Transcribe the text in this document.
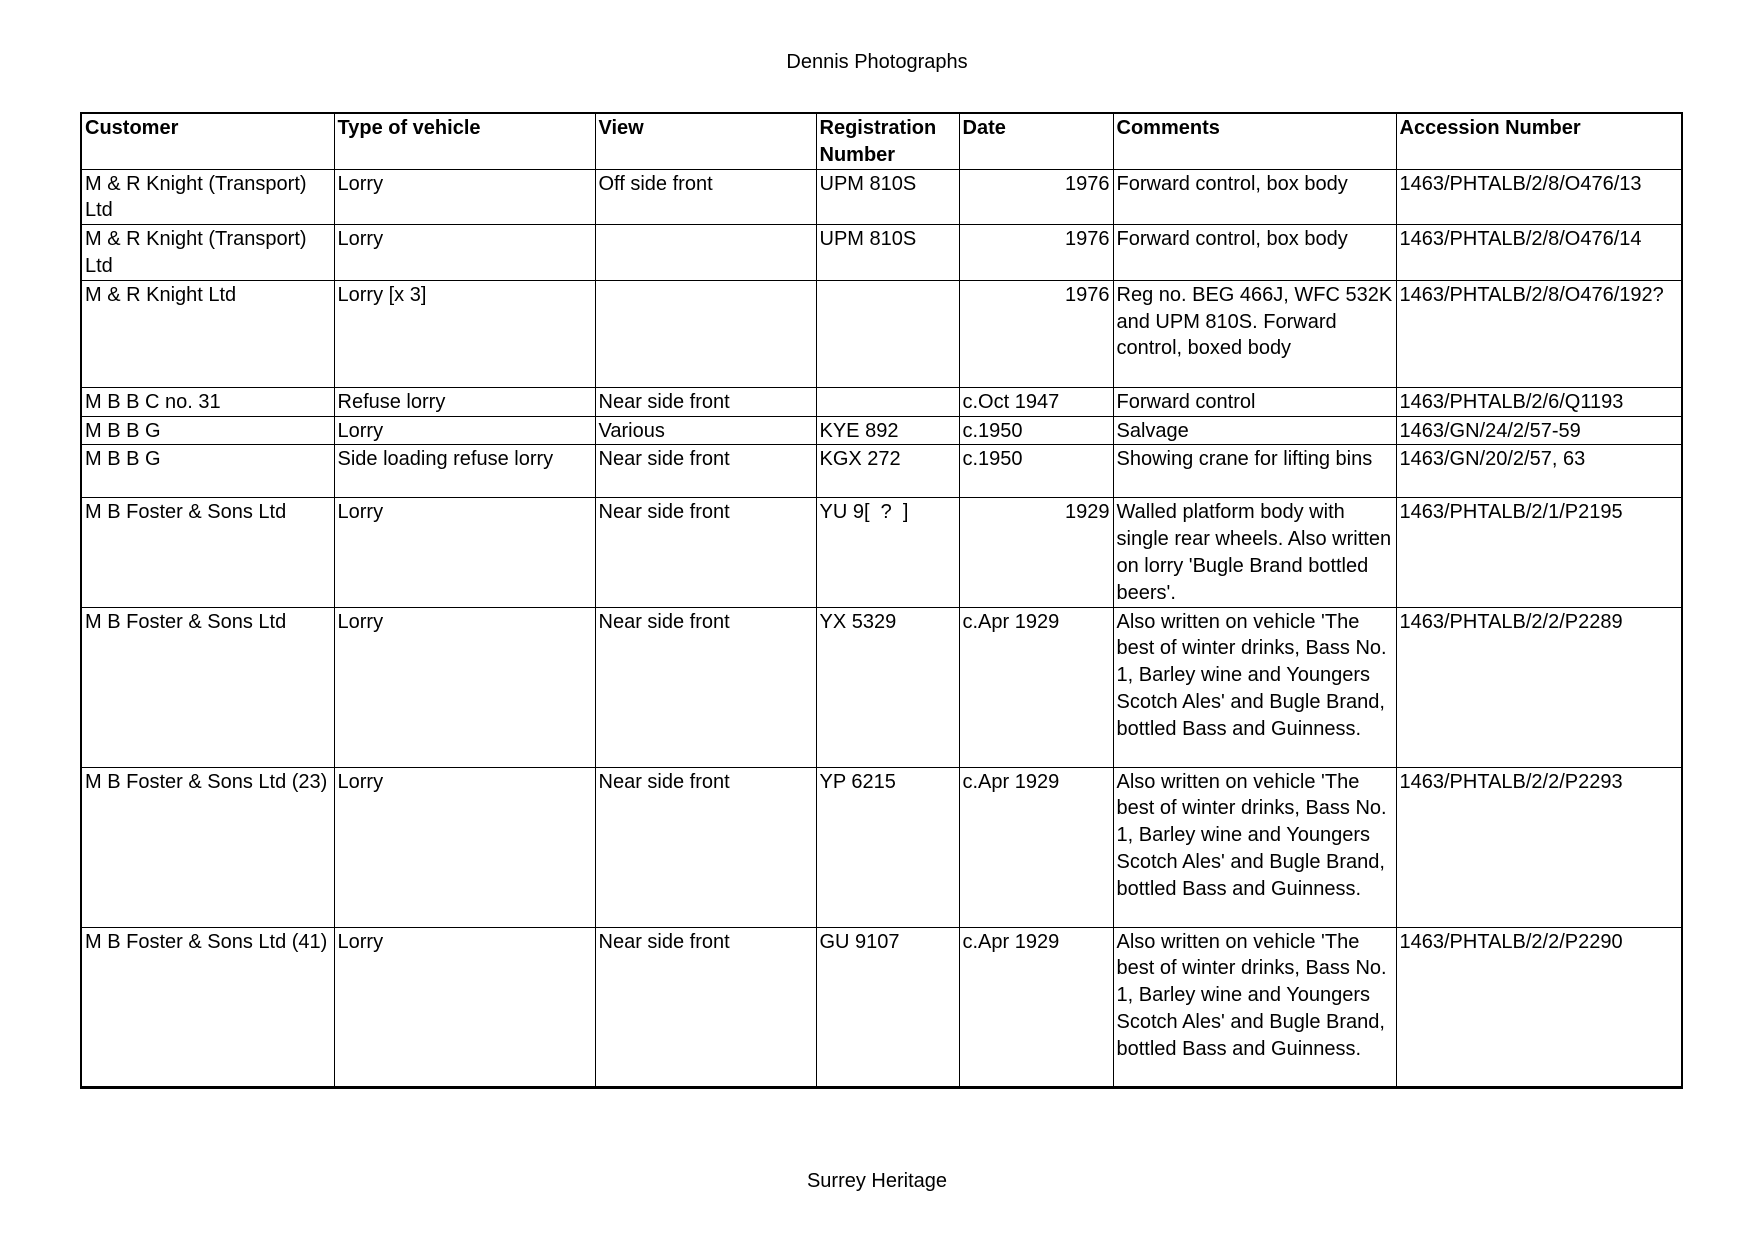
Dennis Photographs
Customer	Type of vehicle	View	Registration Number	Date	Comments	Accession Number
M & R Knight (Transport) Ltd	Lorry	Off side front	UPM 810S	1976	Forward control, box body	1463/PHTALB/2/8/O476/13
M & R Knight (Transport) Ltd	Lorry		UPM 810S	1976	Forward control, box body	1463/PHTALB/2/8/O476/14
M & R Knight Ltd	Lorry [x 3]			1976	Reg no. BEG 466J, WFC 532K and UPM 810S. Forward control, boxed body	1463/PHTALB/2/8/O476/192?
M B B C no. 31	Refuse lorry	Near side front		c.Oct 1947	Forward control	1463/PHTALB/2/6/Q1193
M B B G	Lorry	Various	KYE 892	c.1950	Salvage	1463/GN/24/2/57-59
M B B G	Side loading refuse lorry	Near side front	KGX 272	c.1950	Showing crane for lifting bins	1463/GN/20/2/57, 63
M B Foster & Sons Ltd	Lorry	Near side front	YU 9[  ?  ]	1929	Walled platform body with single rear wheels. Also written on lorry 'Bugle Brand bottled beers'.	1463/PHTALB/2/1/P2195
M B Foster & Sons Ltd	Lorry	Near side front	YX 5329	c.Apr 1929	Also written on vehicle 'The best of winter drinks, Bass No. 1, Barley wine and Youngers Scotch Ales' and Bugle Brand, bottled Bass and Guinness.	1463/PHTALB/2/2/P2289
M B Foster & Sons Ltd (23)	Lorry	Near side front	YP 6215	c.Apr 1929	Also written on vehicle 'The best of winter drinks, Bass No. 1, Barley wine and Youngers Scotch Ales' and Bugle Brand, bottled Bass and Guinness.	1463/PHTALB/2/2/P2293
M B Foster & Sons Ltd (41)	Lorry	Near side front	GU 9107	c.Apr 1929	Also written on vehicle 'The best of winter drinks, Bass No. 1, Barley wine and Youngers Scotch Ales' and Bugle Brand, bottled Bass and Guinness.	1463/PHTALB/2/2/P2290
Surrey Heritage
